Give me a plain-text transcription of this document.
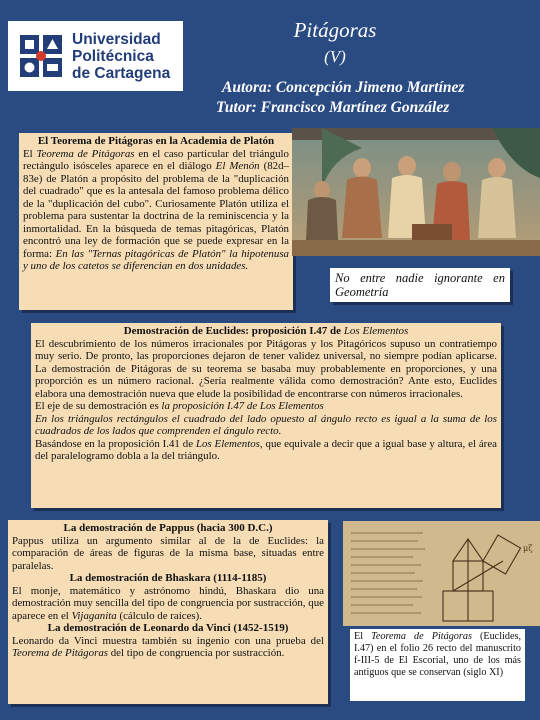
Universidad
Politécnica
de Cartagena
Pitágoras
(V)
Autora: Concepción Jimeno Martínez
Tutor: Francisco Martínez González
El Teorema de Pitágoras en la Academia de Platón

El Teorema de Pitágoras en el caso particular del triángulo rectángulo isósceles aparece en el diálogo El Menón (82d–83e) de Platón a propósito del problema de la "duplicación del cuadrado" que es la antesala del famoso problema délico de la "duplicación del cubo". Curiosamente Platón utiliza el problema para sustentar la doctrina de la reminiscencia y la inmortalidad. En la búsqueda de temas pitagóricas, Platón encontró una ley de formación que se puede expresar en la forma: En las "Ternas pitagóricas de Platón" la hipotenusa y uno de los catetos se diferencian en dos unidades.

No entre nadie ignorante en Geometría
Demostración de Euclides: proposición I.47 de Los Elementos

El descubrimiento de los números irracionales por Pitágoras y los Pitagóricos supuso un contratiempo muy serio. De pronto, las proporciones dejaron de tener validez universal, no siempre podían aplicarse. La demostración de Pitágoras de su teorema se basaba muy probablemente en proporciones, y una proporción es un número racional. ¿Sería realmente válida como demostración? Ante esto, Euclides elabora una demostración nueva que elude la posibilidad de encontrarse con números irracionales.

El eje de su demostración es la proposición I.47 de Los Elementos

En los triángulos rectángulos el cuadrado del lado opuesto al ángulo recto es igual a la suma de los cuadrados de los lados que comprenden el ángulo recto.

Basándose en la proposición I.41 de Los Elementos, que equivale a decir que a igual base y altura, el área del paralelogramo dobla a la del triángulo.

La demostración de Pappus (hacia 300 D.C.)

Pappus utiliza un argumento similar al de la de Euclides: la comparación de áreas de figuras de la misma base, situadas entre paralelas.

La demostración de Bhaskara (1114-1185)

El monje, matemático y astrónomo hindú, Bhaskara dio una demostración muy sencilla del tipo de congruencia por sustracción, que aparece en el Vijaganita (cálculo de raíces).

La demostración de Leonardo da Vinci (1452-1519)

Leonardo da Vinci muestra también su ingenio con una prueba del Teorema de Pitágoras del tipo de congruencia por sustracción.

μζ
El Teorema de Pitágoras (Euclides, I.47) en el folio 26 recto del manuscrito f-III-5 de El Escorial, uno de los más antiguos que se conservan (siglo XI)
